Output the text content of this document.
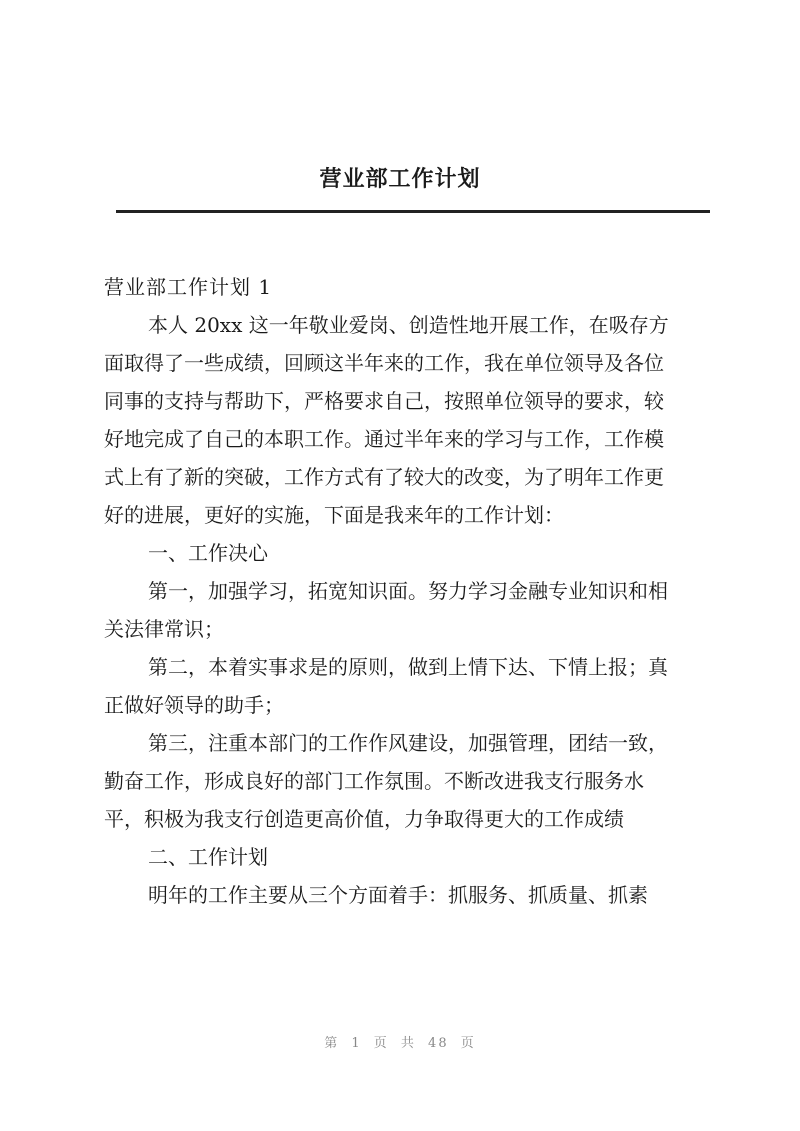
营业部工作计划

营业部工作计划 1

本人 20xx 这一年敬业爱岗、创造性地开展工作，在吸存方

面取得了一些成绩，回顾这半年来的工作，我在单位领导及各位

同事的支持与帮助下，严格要求自己，按照单位领导的要求，较

好地完成了自己的本职工作。通过半年来的学习与工作，工作模

式上有了新的突破，工作方式有了较大的改变，为了明年工作更

好的进展，更好的实施，下面是我来年的工作计划：

一、工作决心

第一，加强学习，拓宽知识面。努力学习金融专业知识和相

关法律常识；

第二，本着实事求是的原则，做到上情下达、下情上报；真

正做好领导的助手；

第三，注重本部门的工作作风建设，加强管理，团结一致，

勤奋工作，形成良好的部门工作氛围。不断改进我支行服务水

平，积极为我支行创造更高价值，力争取得更大的工作成绩

二、工作计划

明年的工作主要从三个方面着手：抓服务、抓质量、抓素

第 1 页 共 48 页
